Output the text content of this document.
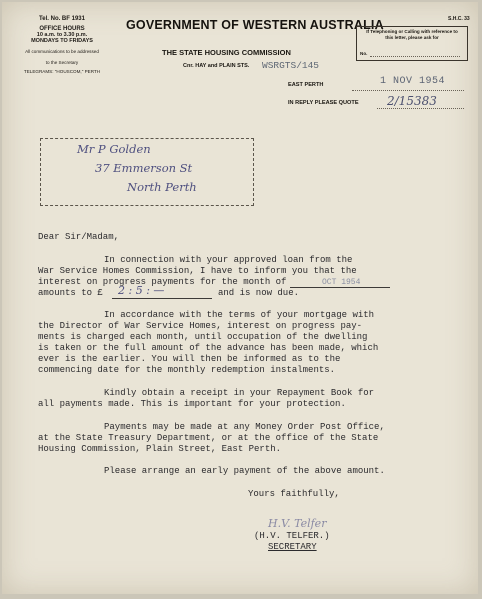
Tel. No. BF 1931
OFFICE HOURS
10 a.m. to 3.30 p.m.
MONDAYS TO FRIDAYS
All communications to be addressed
to the Secretary
TELEGRAMS: "HOUSCOM," PERTH
GOVERNMENT OF WESTERN AUSTRALIA
THE STATE HOUSING COMMISSION
Cnr. HAY and PLAIN STS. WSRGTS/145
S.H.C. 33
If Telephoning or Calling with reference to this letter, please ask for
No.
EAST PERTH	1 NOV 1954
IN REPLY PLEASE QUOTE 2/15383
Mr P Golden
37 Emmerson St
North Perth
Dear Sir/Madam,
In connection with your approved loan from the
War Service Homes Commission, I have to inform you that the
interest on progress payments for the month of	OCT 1954
amounts to £ 2 : 5 : —	and is now due.
In accordance with the terms of your mortgage with
the Director of War Service Homes, interest on progress pay-
ments is charged each month, until occupation of the dwelling
is taken or the full amount of the advance has been made, which
ever is the earlier. You will then be informed as to the
commencing date for the monthly redemption instalments.
Kindly obtain a receipt in your Repayment Book for
all payments made. This is important for your protection.
Payments may be made at any Money Order Post Office,
at the State Treasury Department, or at the office of the State
Housing Commission, Plain Street, East Perth.
Please arrange an early payment of the above amount.
Yours faithfully,
H.V. Telfer
(H.V. TELFER.)
SECRETARY
